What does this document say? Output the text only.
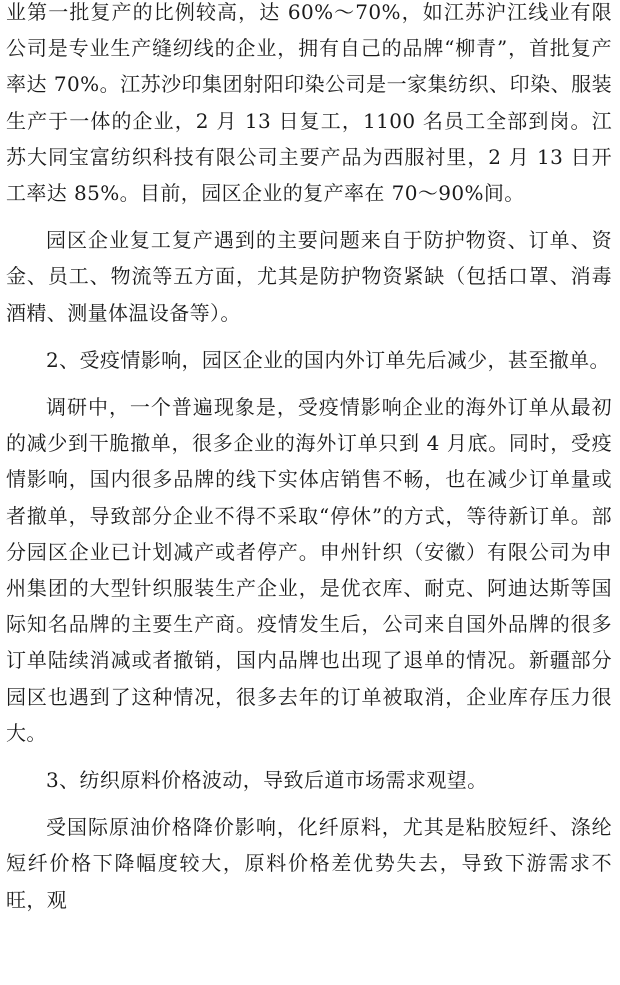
业第一批复产的比例较高，达 60%～70%，如江苏沪江线业有限公司是专业生产缝纫线的企业，拥有自己的品牌“柳青”，首批复产率达 70%。江苏沙印集团射阳印染公司是一家集纺织、印染、服装生产于一体的企业，2 月 13 日复工，1100 名员工全部到岗。江苏大同宝富纺织科技有限公司主要产品为西服衬里，2 月 13 日开工率达 85%。目前，园区企业的复产率在 70～90%间。

园区企业复工复产遇到的主要问题来自于防护物资、订单、资金、员工、物流等五方面，尤其是防护物资紧缺（包括口罩、消毒酒精、测量体温设备等）。

2、受疫情影响，园区企业的国内外订单先后减少，甚至撤单。

调研中，一个普遍现象是，受疫情影响企业的海外订单从最初的减少到干脆撤单，很多企业的海外订单只到 4 月底。同时，受疫情影响，国内很多品牌的线下实体店销售不畅，也在减少订单量或者撤单，导致部分企业不得不采取“停休”的方式，等待新订单。部分园区企业已计划减产或者停产。申州针织（安徽）有限公司为申州集团的大型针织服装生产企业，是优衣库、耐克、阿迪达斯等国际知名品牌的主要生产商。疫情发生后，公司来自国外品牌的很多订单陆续消减或者撤销，国内品牌也出现了退单的情况。新疆部分园区也遇到了这种情况，很多去年的订单被取消，企业库存压力很大。

3、纺织原料价格波动，导致后道市场需求观望。

受国际原油价格降价影响，化纤原料，尤其是粘胶短纤、涤纶短纤价格下降幅度较大，原料价格差优势失去，导致下游需求不旺，观
